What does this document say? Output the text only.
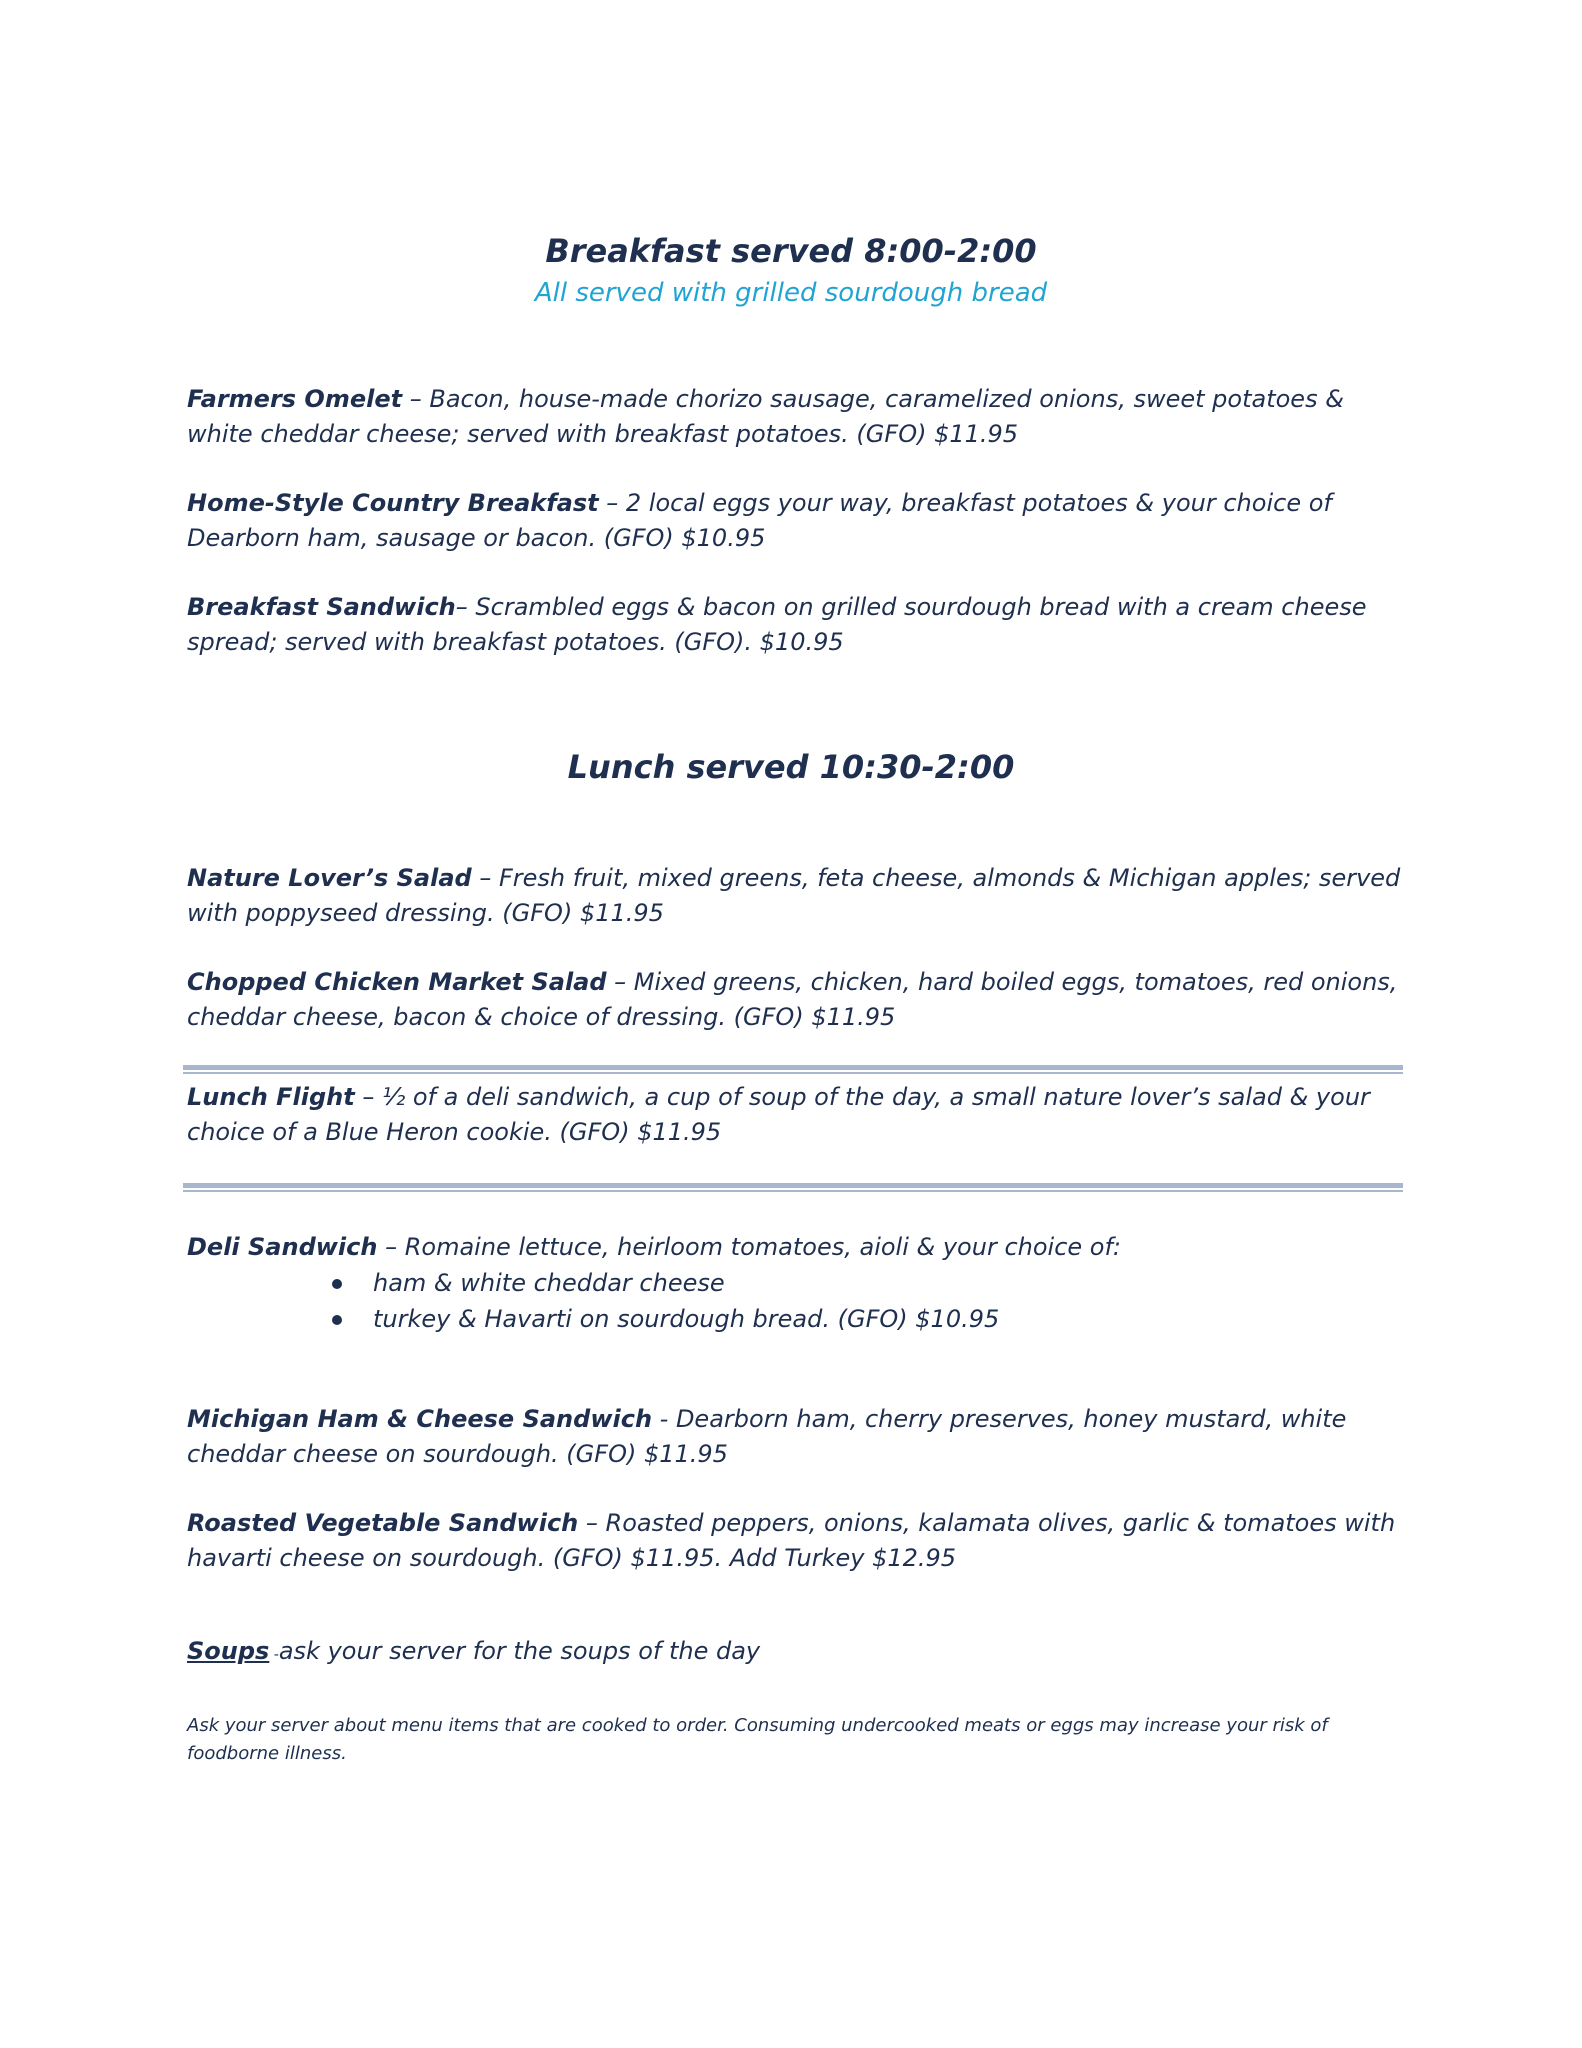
Breakfast served 8:00-2:00
All served with grilled sourdough bread
Farmers Omelet – Bacon, house-made chorizo sausage, caramelized onions, sweet potatoes & white cheddar cheese; served with breakfast potatoes. (GFO) $11.95
Home-Style Country Breakfast – 2 local eggs your way, breakfast potatoes & your choice of Dearborn ham, sausage or bacon. (GFO) $10.95
Breakfast Sandwich– Scrambled eggs & bacon on grilled sourdough bread with a cream cheese spread; served with breakfast potatoes. (GFO). $10.95
Lunch served 10:30-2:00
Nature Lover’s Salad – Fresh fruit, mixed greens, feta cheese, almonds & Michigan apples; served with poppyseed dressing. (GFO) $11.95
Chopped Chicken Market Salad – Mixed greens, chicken, hard boiled eggs, tomatoes, red onions, cheddar cheese, bacon & choice of dressing. (GFO) $11.95
Lunch Flight – ½ of a deli sandwich, a cup of soup of the day, a small nature lover’s salad & your choice of a Blue Heron cookie. (GFO) $11.95
Deli Sandwich – Romaine lettuce, heirloom tomatoes, aioli & your choice of:
ham & white cheddar cheese
turkey & Havarti on sourdough bread. (GFO) $10.95
Michigan Ham & Cheese Sandwich - Dearborn ham, cherry preserves, honey mustard, white cheddar cheese on sourdough. (GFO) $11.95
Roasted Vegetable Sandwich – Roasted peppers, onions, kalamata olives, garlic & tomatoes with havarti cheese on sourdough. (GFO) $11.95. Add Turkey $12.95
Soups -ask your server for the soups of the day
Ask your server about menu items that are cooked to order. Consuming undercooked meats or eggs may increase your risk of foodborne illness.
